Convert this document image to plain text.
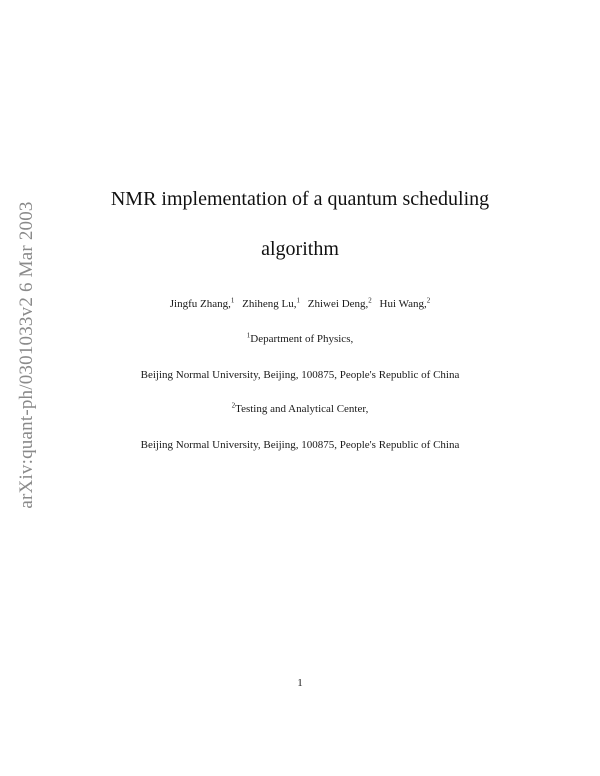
arXiv:quant-ph/0301033v2 6 Mar 2003
NMR implementation of a quantum scheduling
algorithm
Jingfu Zhang,$^1$ Zhiheng Lu,$^1$ Zhiwei Deng,$^2$ Hui Wang,$^2$
$^1$Department of Physics,
Beijing Normal University, Beijing, 100875, People's Republic of China
$^2$Testing and Analytical Center,
Beijing Normal University, Beijing, 100875, People's Republic of China
1
